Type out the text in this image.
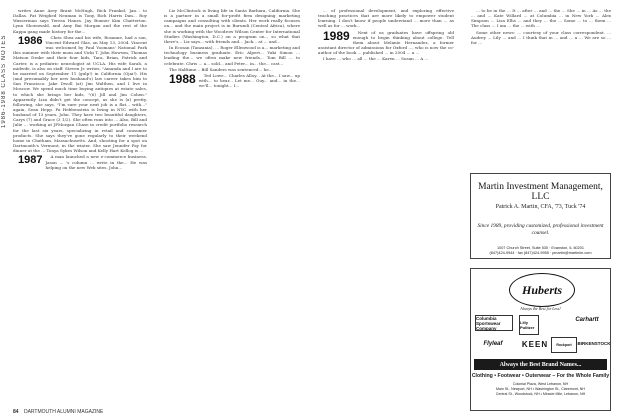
1986-1988 CLASS NOTES

writes Anne Arey Brant McHugh, Rick Frankel, Jan... to Dallas. Pat Weighed Neuman is Tony, Rich Harris Dan... Roy Wasserman says Teresa Hanes. Jay Bonner Kim Chatterton. Lynn Shoenwald, and Amy Bai Morgan and the rest of the Kappa gang made history for the...

1986 Chris Shea and his wife, Rosanne, had a son, Vincent Edward Glas, on May 13, 2004. Vincent was welcomed by Paul Yoomans' National Park this summer with their mom and Vicki T. John Howson, Thomas Matson Drake and their four kids, Tara, Brian, Patrick and Carter, is a pediatric neurologist at UCLA. His wife Sarah, a midwife, is also on staff. Steven Jr. writes, "Amanda and I are to be married on September 11 (gulp!) in California (Ojai!). His (and presumably her new husband's) law career takes him to San Francisco. Jake Dwoll (at) Jim Walthen, and I live in Moscow. We spend much time buying antiques at estate sales, to which she brings her kids, "(6) Jill and Jim Cohen." Apparently Liza didn't get the concept, as she is (a) pretty, following, she says, "I'm sure your next job is a flat... with..." again, Sean Hepp. Fa Hebbenstein is living in NYC with her husband of 13 years, John. They have two beautiful daughters, Carys (7) and Grace (3 1/2). She often runs into ... Also, Bill and Julie ... working at JPMorgan Chase in credit portfolio research for the last six years, specializing in retail and consumer products. She says they've gone regularly to their weekend home in Chatham, Massachusetts. And, shooting for a spot on Dartmouth's Vermont, in the winter. She saw Jennifer Fay for dinner at the ... Tonya Sykes Wilson and Kelly Hart Kellog is ...

1987 A man launched a new e-commerce business. Jason ... 's column ... write in the... He was helping on the new Web sites. John...

Liz McClintock is living life in Santa Barbara, California. She is a partner in a small for-profit firm designing marketing campaigns and consulting with clients. Her work really focuses on... and the main project is in Burundi (Central Africa), where she is working with the Woodrow Wilson Center for International Studies (Washington, D.C.) on a program on... so what that there's... Liz says... with friends and... Jack... at ... and...

In Ecosan (Tanzania), ... Roger Ellenwood is a... marketing and technology business graduate. Eric Alpert... Yuki Simon ... leading the... we often make new friends... Tom Bill ... to celebrate. Chris ... a... sold... and Peter... in... the... cast...

The Halftime... Bill Sanders was sentenced... he...

1988 Ted Lowe... Charles Alloy... At the... I saw... up with... to hear... Let me... Guy... and... in the... we'll... tonight... I...

... of professional development, and exploring effective teaching practices that are more likely to empower student learning. I don't know if people understand ... more than ... as well as for ... work...

1989 Next of us graduates have offspring old enough to begin thinking about college. Tell them about Melanie Hernandez, a former assistant director of admissions for Oxford ..., who is now the co-author of the book ... published ... in 2004 ... a ...

I have ... who ... all ... the ... Karen ... Susan ... A ...

... to be in the ... It ... after ... and ... the ... She ... in ... As ... the ... and ... Kate Willard ... at Columbia ... in New York ... Alex Simpson ... Lisa Ellis ... and they ... the ... Some ... to ... them ... The class ... I am ... the ... with ...

Some other news: ... courtesy of your class correspondent. ... Audrey ... Lily ... and ... I think that in ... and ... a ... We are so ... for ...

Martin Investment Management, LLC
Patrick A. Martin, CFA, '73, Tuck '74
Since 1989, providing customized, professional investment counsel.
1007 Church Street, Suite 530 · Evanston, IL 60201
(847)424-9944 · fax (847)424-9955 · pmartin@martinim.com
Huberts
Always the Best for Less!
Columbia Sportswear Company
Lilly Pulitzer
Carhartt
Flyleaf	KEEN	Rockport	BIRKENSTOCK
Always the Best Brand Names...
Clothing • Footwear • Outerwear – For the Whole Family
Colonial Plaza, West Lebanon, NH
Main St., Newport, NH • Washington St., Claremont, NH
Central St., Woodstock, NH • Miracle Mile, Lebanon, NH
84 DARTMOUTH ALUMNI MAGAZINE
